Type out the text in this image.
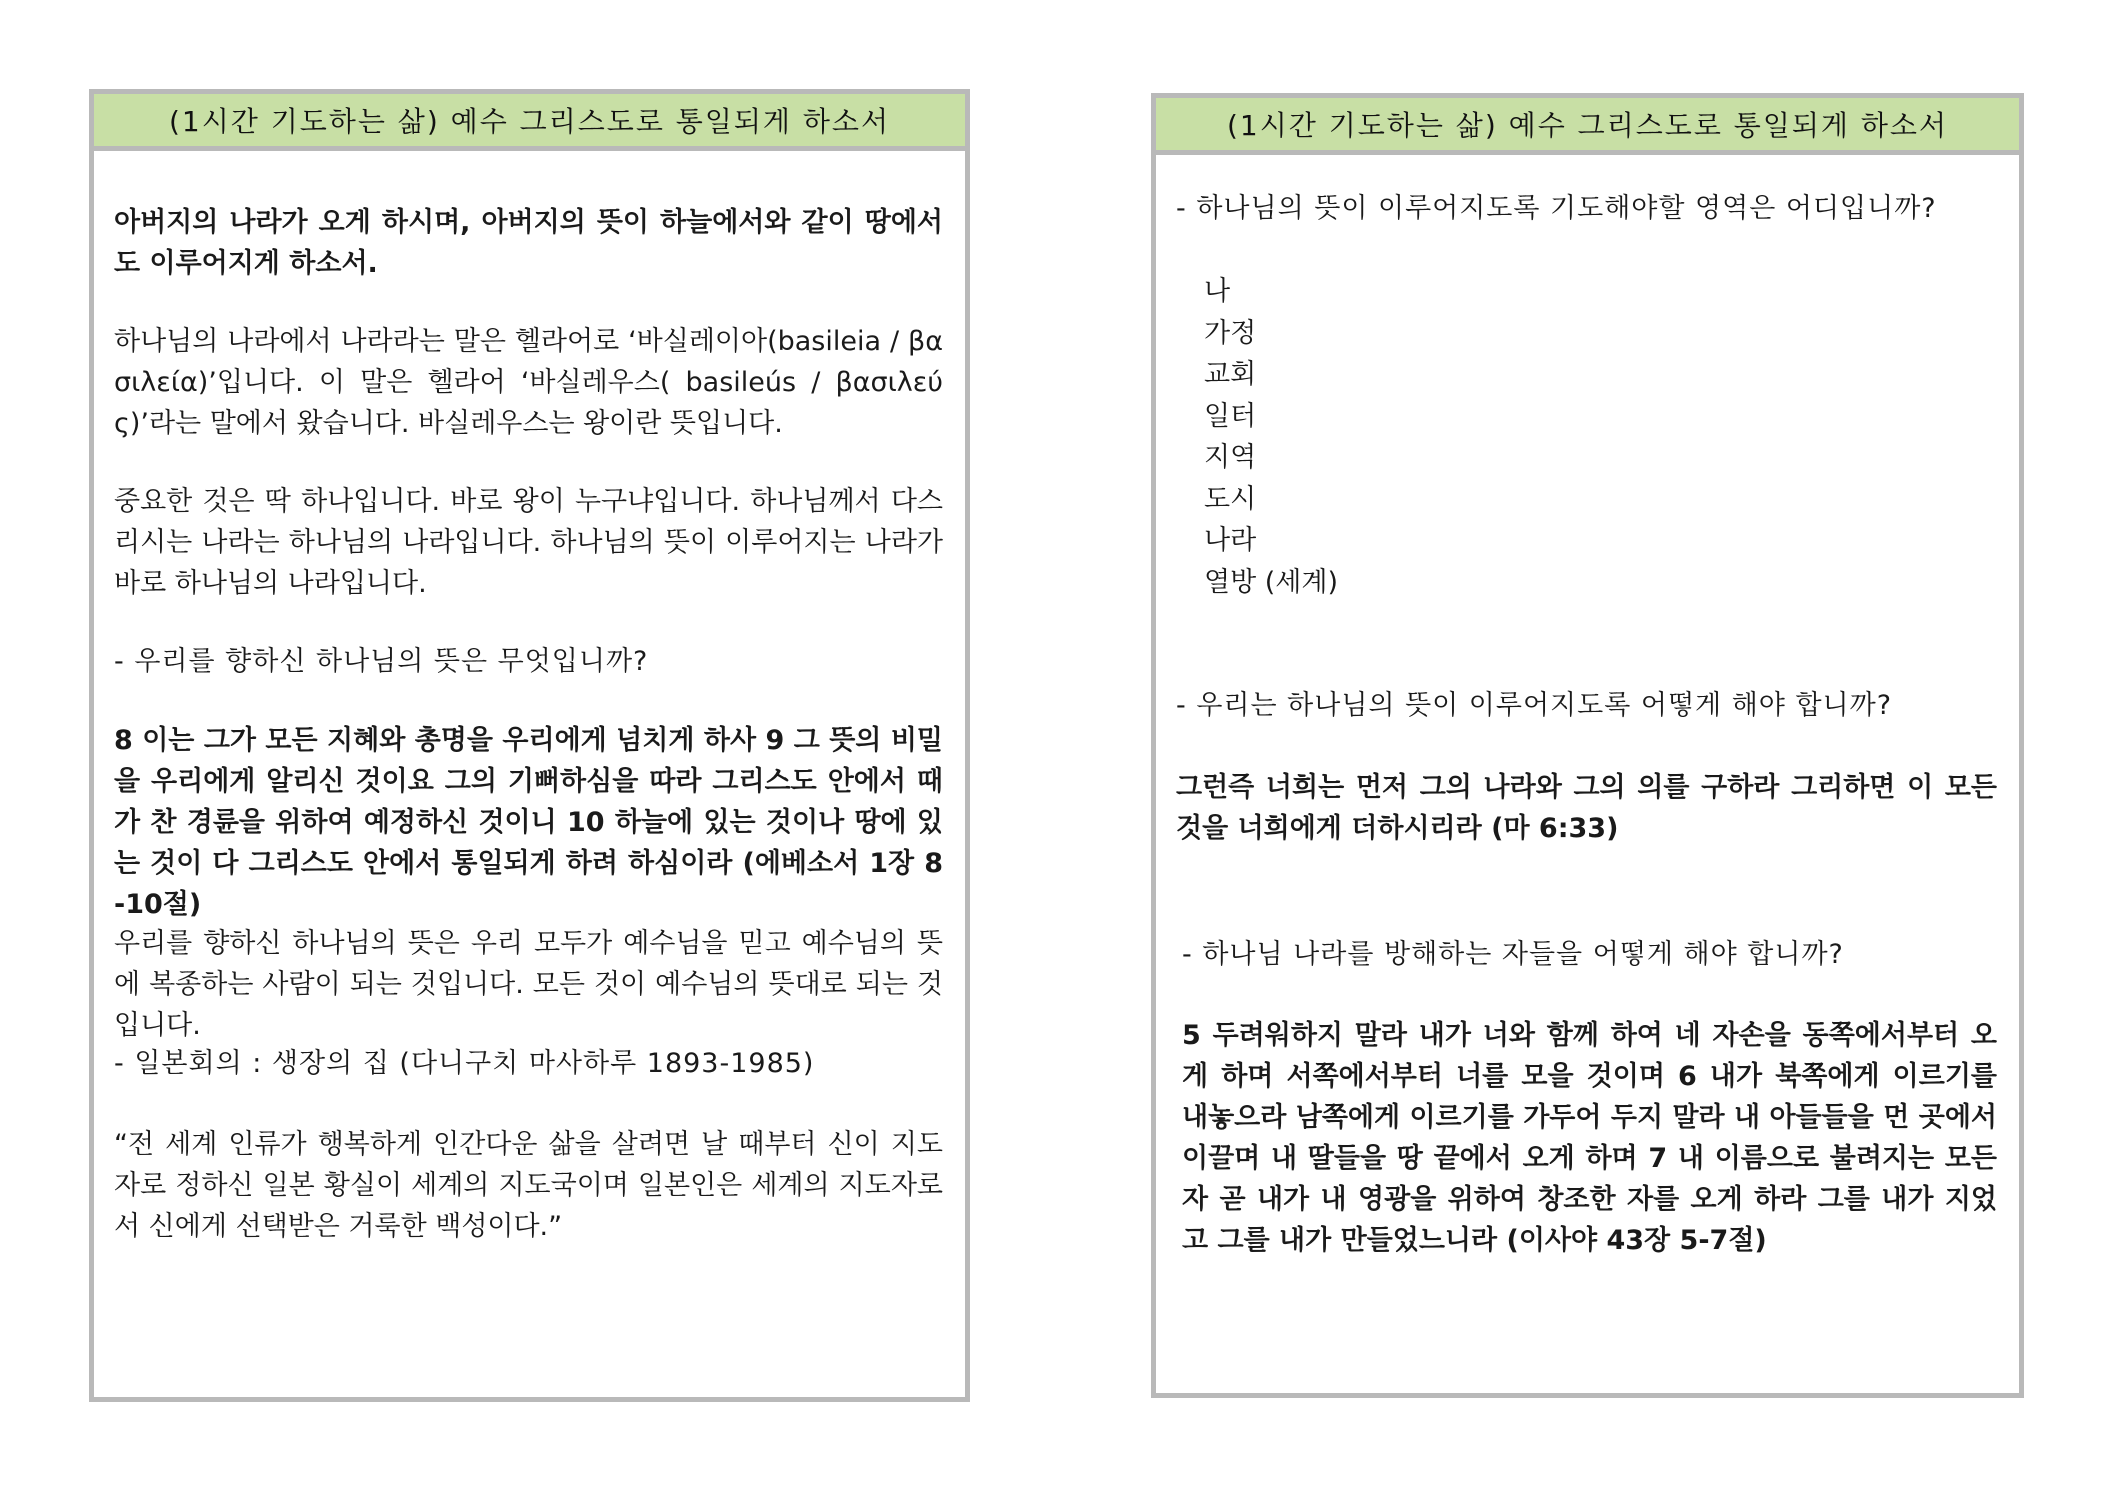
(1시간 기도하는 삶) 예수 그리스도로 통일되게 하소서

아버지의 나라가 오게 하시며, 아버지의 뜻이 하늘에서와 같이 땅에서도 이루어지게 하소서.

하나님의 나라에서 나라라는 말은 헬라어로 ‘바실레이아(basileia / βασιλεία)’입니다. 이 말은 헬라어 ‘바실레우스( basileús / βασιλεύς)’라는 말에서 왔습니다. 바실레우스는 왕이란 뜻입니다.

중요한 것은 딱 하나입니다. 바로 왕이 누구냐입니다. 하나님께서 다스리시는 나라는 하나님의 나라입니다. 하나님의 뜻이 이루어지는 나라가 바로 하나님의 나라입니다.

- 우리를 향하신 하나님의 뜻은 무엇입니까?

8 이는 그가 모든 지혜와 총명을 우리에게 넘치게 하사 9 그 뜻의 비밀을 우리에게 알리신 것이요 그의 기뻐하심을 따라 그리스도 안에서 때가 찬 경륜을 위하여 예정하신 것이니 10 하늘에 있는 것이나 땅에 있는 것이 다 그리스도 안에서 통일되게 하려 하심이라 (에베소서 1장 8-10절)

우리를 향하신 하나님의 뜻은 우리 모두가 예수님을 믿고 예수님의 뜻에 복종하는 사람이 되는 것입니다. 모든 것이 예수님의 뜻대로 되는 것입니다.

- 일본회의 : 생장의 집 (다니구치 마사하루 1893-1985)

“전 세계 인류가 행복하게 인간다운 삶을 살려면 날 때부터 신이 지도자로 정하신 일본 황실이 세계의 지도국이며 일본인은 세계의 지도자로서 신에게 선택받은 거룩한 백성이다.”

(1시간 기도하는 삶) 예수 그리스도로 통일되게 하소서

- 하나님의 뜻이 이루어지도록 기도해야할 영역은 어디입니까?

나
가정
교회
일터
지역
도시
나라
열방 (세계)

- 우리는 하나님의 뜻이 이루어지도록 어떻게 해야 합니까?

그런즉 너희는 먼저 그의 나라와 그의 의를 구하라 그리하면 이 모든 것을 너희에게 더하시리라 (마 6:33)

- 하나님 나라를 방해하는 자들을 어떻게 해야 합니까?

5 두려워하지 말라 내가 너와 함께 하여 네 자손을 동쪽에서부터 오게 하며 서쪽에서부터 너를 모을 것이며 6 내가 북쪽에게 이르기를 내놓으라 남쪽에게 이르기를 가두어 두지 말라 내 아들들을 먼 곳에서 이끌며 내 딸들을 땅 끝에서 오게 하며 7 내 이름으로 불려지는 모든 자 곧 내가 내 영광을 위하여 창조한 자를 오게 하라 그를 내가 지었고 그를 내가 만들었느니라 (이사야 43장 5-7절)
